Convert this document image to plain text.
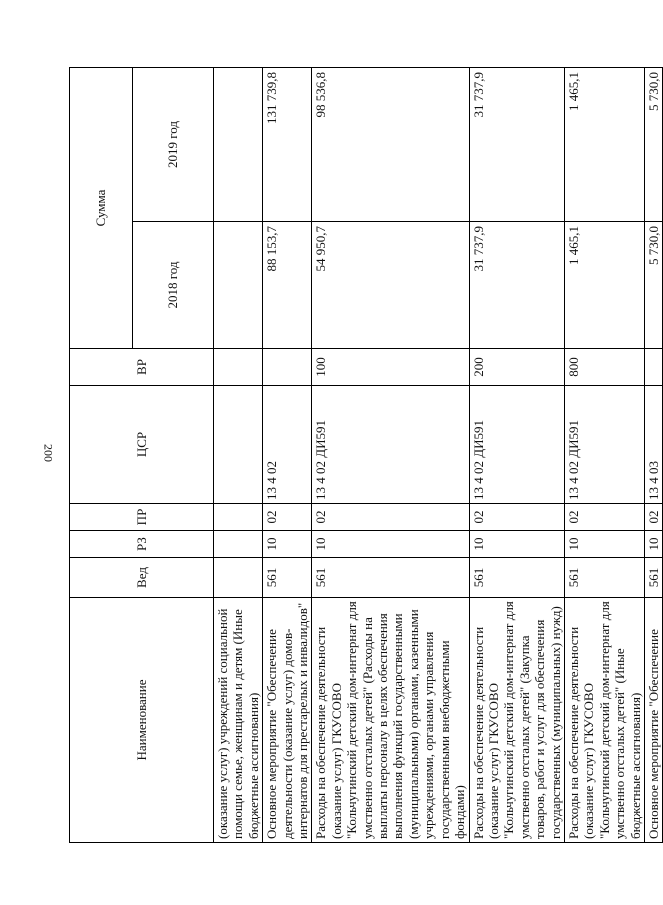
200
Наименование	Вед	РЗ	ПР	ЦСР	ВР	Сумма	
						2018 год	2019 год
(оказание услуг) учреждений социальной помощи семье, женщинам и детям (Иные бюджетные ассигнования)							
Основное мероприятие "Обеспечение деятельности (оказание услуг) домов-интернатов для престарелых и инвалидов"	561	10	02	13 4 02		88 153,7	131 739,8
Расходы на обеспечение деятельности (оказание услуг) ГКУСОВО "Кольчугинский детский дом-интернат для умственно отсталых детей" (Расходы на выплаты персоналу в целях обеспечения выполнения функций государственными (муниципальными) органами, казенными учреждениями, органами управления государственными внебюджетными фондами)	561	10	02	13 4 02 ДИ591	100	54 950,7	98 536,8
Расходы на обеспечение деятельности (оказание услуг) ГКУСОВО "Кольчугинский детский дом-интернат для умственно отсталых детей" (Закупка товаров, работ и услуг для обеспечения государственных (муниципальных) нужд)	561	10	02	13 4 02 ДИ591	200	31 737,9	31 737,9
Расходы на обеспечение деятельности (оказание услуг) ГКУСОВО "Кольчугинский детский дом-интернат для умственно отсталых детей" (Иные бюджетные ассигнования)	561	10	02	13 4 02 ДИ591	800	1 465,1	1 465,1
Основное мероприятие "Обеспечение	561	10	02	13 4 03		5 730,0	5 730,0
